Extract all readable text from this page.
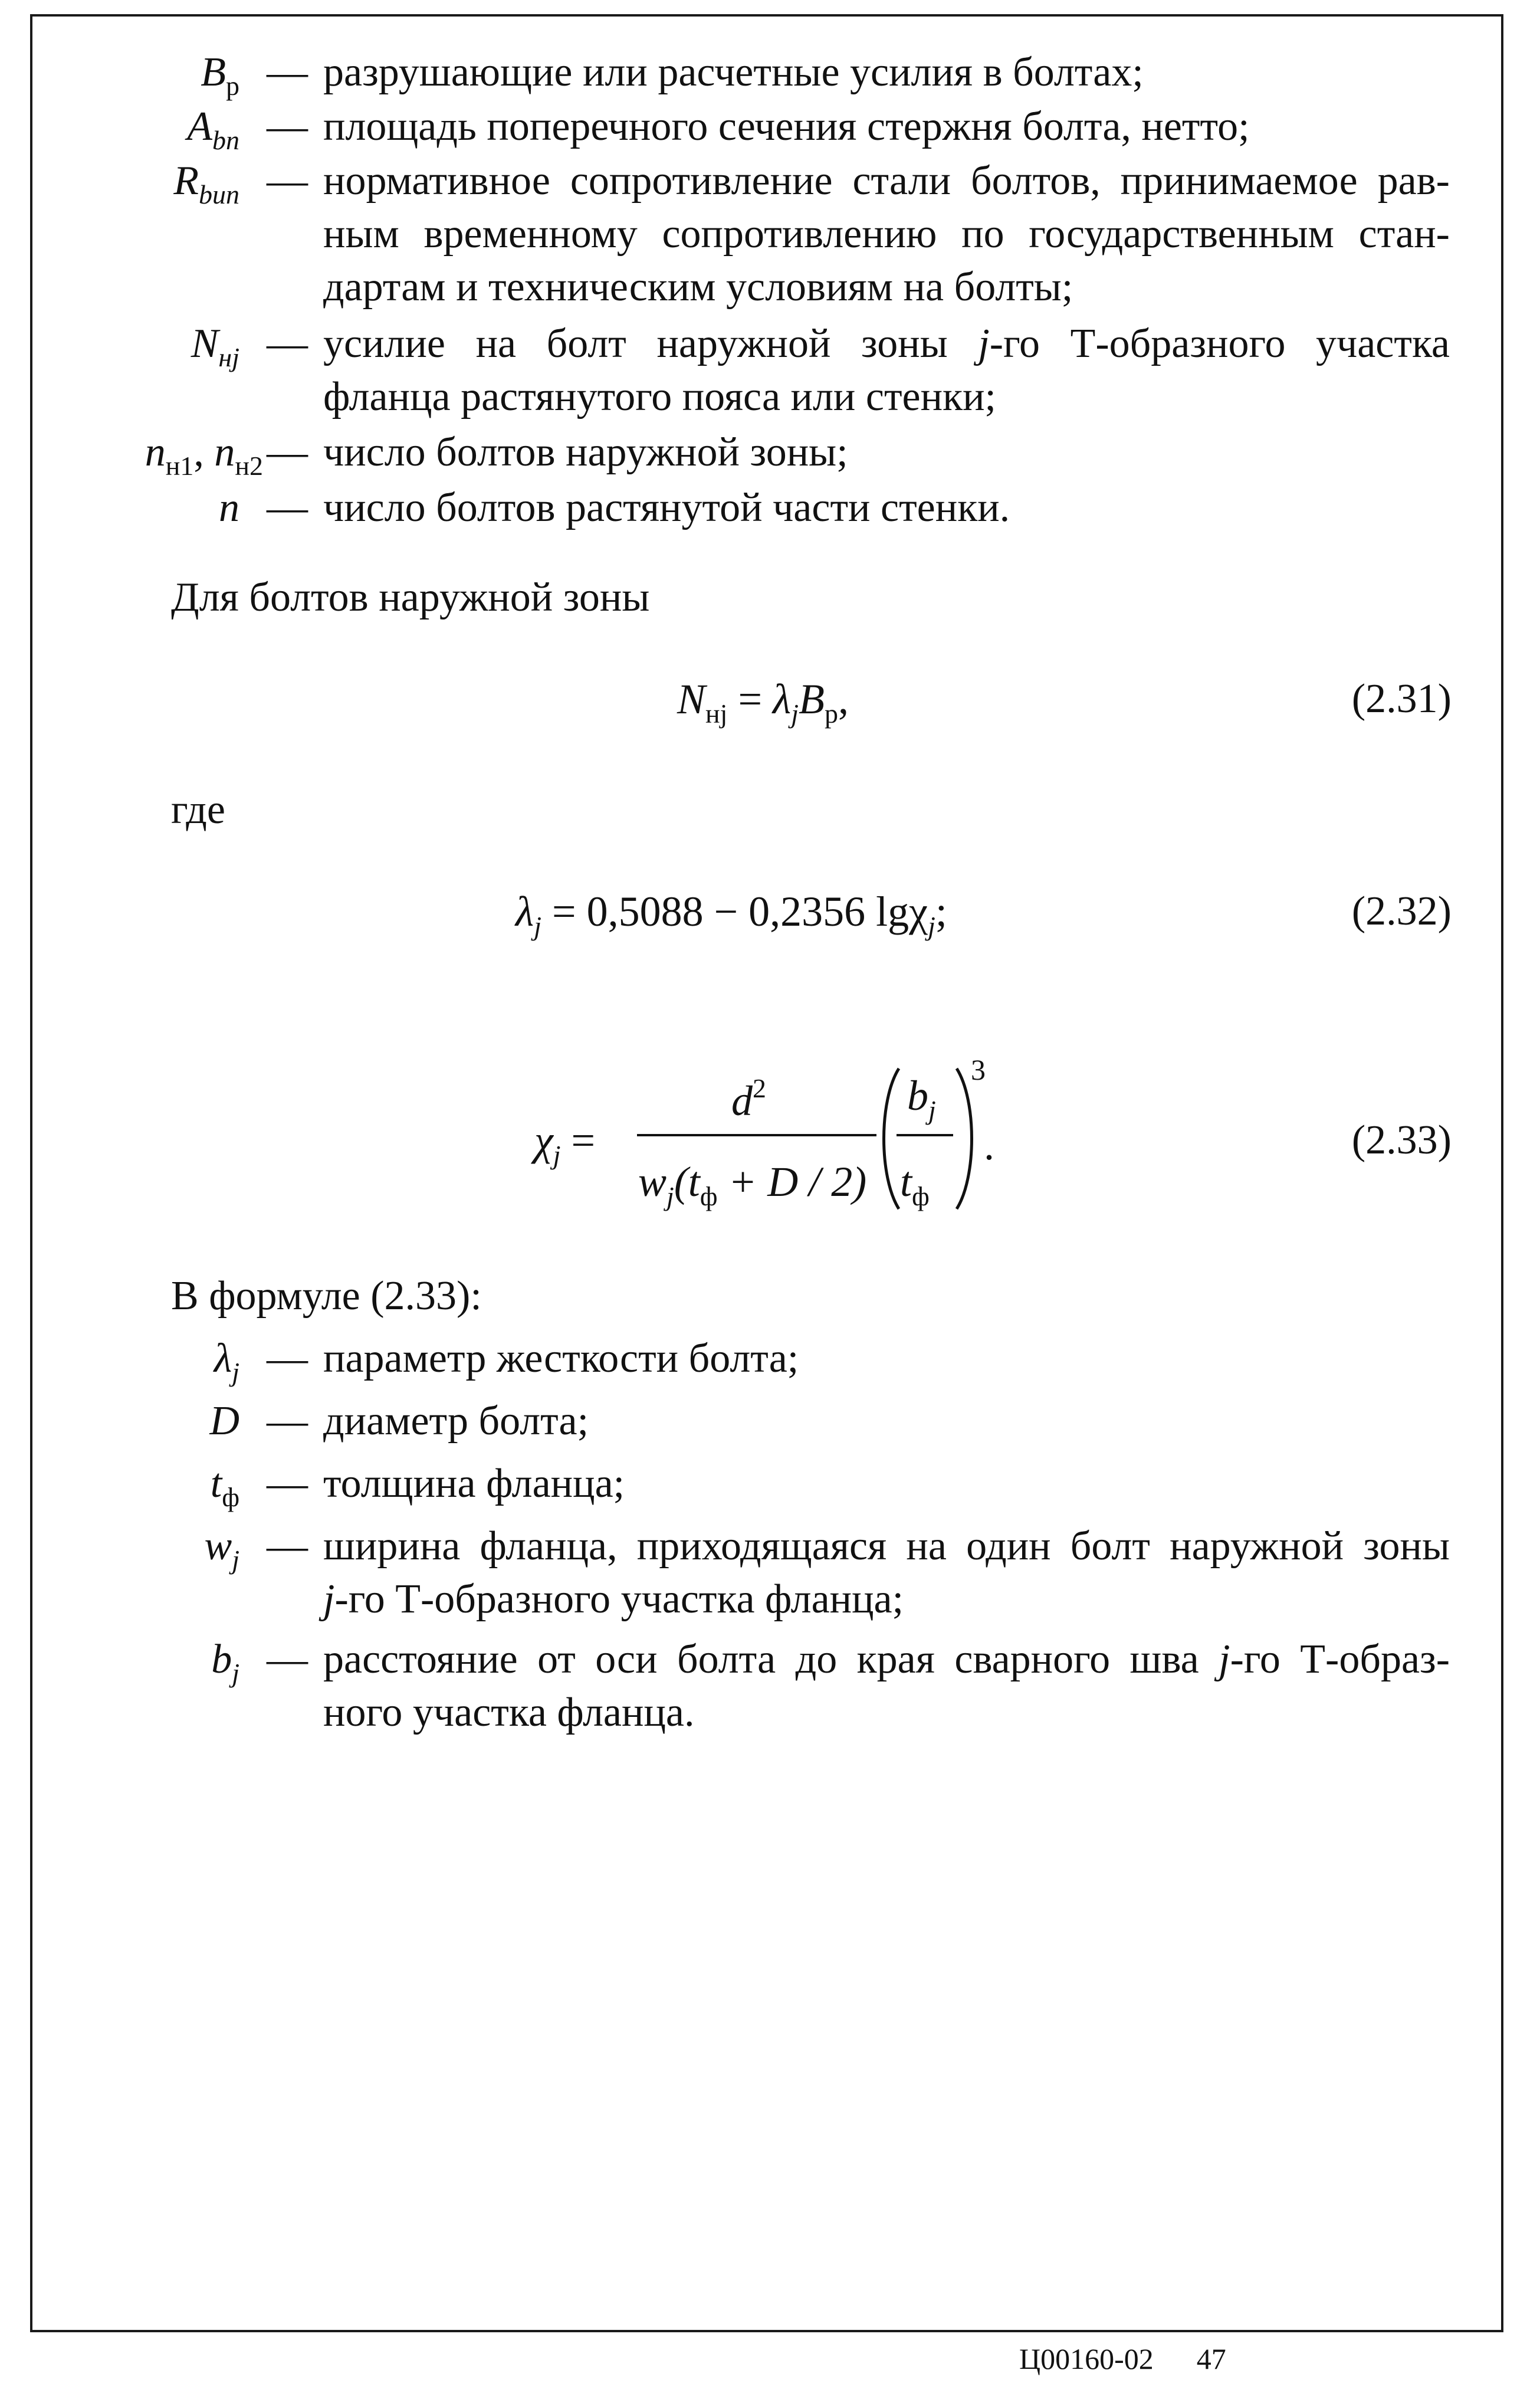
$B_р$ — разрушающие или расчетные усилия в болтах;
$A_{bn}$ — площадь поперечного сечения стержня болта, нетто;
$R_{bun}$ — нормативное сопротивление стали болтов, принимаемое рав-
ным временному сопротивлению по государственным стан-
дартам и техническим условиям на болты;
$N_{нj}$ — усилие на болт наружной зоны j-го Т-образного участка
фланца растянутого пояса или стенки;
$n_{н1}$, $n_{н2}$ — число болтов наружной зоны;
n — число болтов растянутой части стенки.
Для болтов наружной зоны
$N_{нj} = \lambda_jB_р$,	(2.31)
где
$\lambda_j = 0,5088 - 0,2356$ lgχ$_j$;	(2.32)
$\chi_j$ =
$d^2$
$w_j(t_ф + D / 2)$
$b_j$
$t_ф$
3
.	(2.33)
В формуле (2.33):
$\lambda_j$ — параметр жесткости болта;
D — диаметр болта;
$t_ф$ — толщина фланца;
$w_j$ — ширина фланца, приходящаяся на один болт наружной зоны
j-го Т-образного участка фланца;
$b_j$ — расстояние от оси болта до края сварного шва j-го Т-образ-
ного участка фланца.
Ц00160-02 47
